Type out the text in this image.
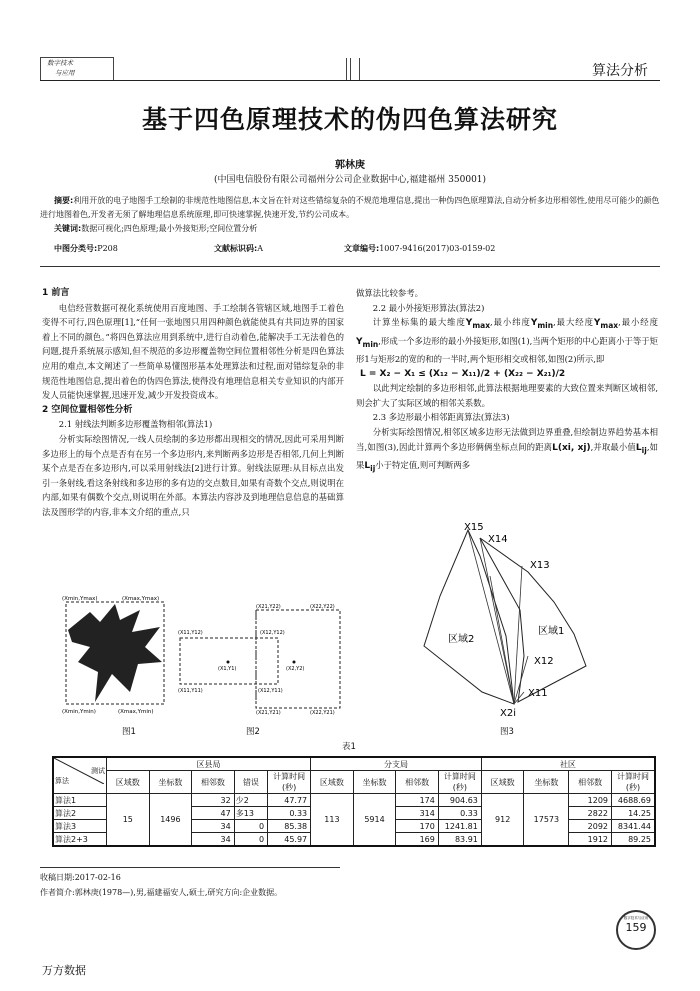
数字技术
与应用	算法分析
基于四色原理技术的伪四色算法研究
郭林庚
(中国电信股份有限公司福州分公司企业数据中心,福建福州 350001)
摘要:利用开放的电子地图手工绘制的非规范性地图信息,本文旨在针对这些错综复杂的不规范地理信息,提出一种伪四色原理算法,自动分析多边形相邻性,使用尽可能少的颜色进行地图着色,开发者无须了解地理信息系统原理,即可快速掌握,快速开发,节约公司成本。
关键词:数据可视化;四色原理;最小外接矩形;空间位置分析
中图分类号:P208	文献标识码:A	文章编号:1007-9416(2017)03-0159-02
1 前言

电信经营数据可视化系统使用百度地图、手工绘制各管辖区域,地图手工着色变得不可行,四色原理[1],“任何一张地图只用四种颜色就能使具有共同边界的国家着上不同的颜色。”将四色算法应用到系统中,进行自动着色,能解决手工无法着色的问题,提升系统展示感知,但不规范的多边形覆盖物空间位置相邻性分析是四色算法应用的难点,本文阐述了一些简单易懂图形基本处理算法和过程,面对错综复杂的非规范性地图信息,提出着色的伪四色算法,使得没有地理信息相关专业知识的内部开发人员能快速掌握,迅速开发,减少开发投资成本。

2 空间位置相邻性分析
2.1 射线法判断多边形覆盖物相邻(算法1)

分析实际绘图情况,一线人员绘制的多边形都出现相交的情况,因此可采用判断多边形上的每个点是否有在另一个多边形内,来判断两多边形是否相邻,几何上判断某个点是否在多边形内,可以采用射线法[2]进行计算。射线法原理:从目标点出发引一条射线,看这条射线和多边形的多有边的交点数目,如果有奇数个交点,则说明在内部,如果有偶数个交点,则说明在外部。本算法内容涉及到地理信息信息的基础算法及图形学的内容,非本文介绍的重点,只

做算法比较参考。
2.2 最小外接矩形算法(算法2)

计算坐标集的最大维度$Y_{max}$,最小纬度$Y_{min}$,最大经度$Y_{max}$,最小经度$Y_{min}$,形成一个多边形的最小外接矩形,如图(1),当两个矩形的中心距离小于等于矩形1与矩形2的宽的和的一半时,两个矩形相交或相邻,如图(2)所示,即

L = X₂ − X₁ ≤ (X₁₂ − X₁₁)/2 + (X₂₂ − X₂₁)/2

以此判定绘制的多边形相邻,此算法根据地理要素的大致位置来判断区域相邻,则会扩大了实际区域的相邻关系数。

2.3 多边形最小相邻距离算法(算法3)

分析实际绘图情况,相邻区域多边形无法做到边界重叠,但绘制边界趋势基本相当,如图(3),因此计算两个多边形俩俩坐标点间的距离L(xi, xj),并取最小值$L_{ij}$,如果$L_{ij}$小于特定值,则可判断两多

(Xmin,Ymax)	(Xmax,Ymax)
(Xmin,Ymin)	(Xmax,Ymin)
(X21,Y22)	(X22,Y22)
(X11,Y12)	(X12,Y12)
(X1,Y1)	(X2,Y2)
(X11,Y11)	(X12,Y11)
(X21,Y21)	(X22,Y21)
X15
X14
X13
区域2
区域1
X12
X11
X2i
图1	图2	图3
表1
测试
算法	区县局					分支局				社区			
	区域数	坐标数	相邻数	错误	计算时间(秒)	区域数	坐标数	相邻数	计算时间(秒)	区域数	坐标数	相邻数	计算时间(秒)
算法1	15	1496	32	少2	47.77	113	5914	174	904.63	912	17573	1209	4688.69
算法2			47	多13	0.33			314	0.33			2822	14.25
算法3			34	0	85.38			170	1241.81			2092	8341.44
算法2+3			34	0	45.97			169	83.91			1912	89.25
收稿日期:2017-02-16
作者简介:郭林庚(1978—),男,福建福安人,硕士,研究方向:企业数据。
数字技术与应用
159
万方数据
